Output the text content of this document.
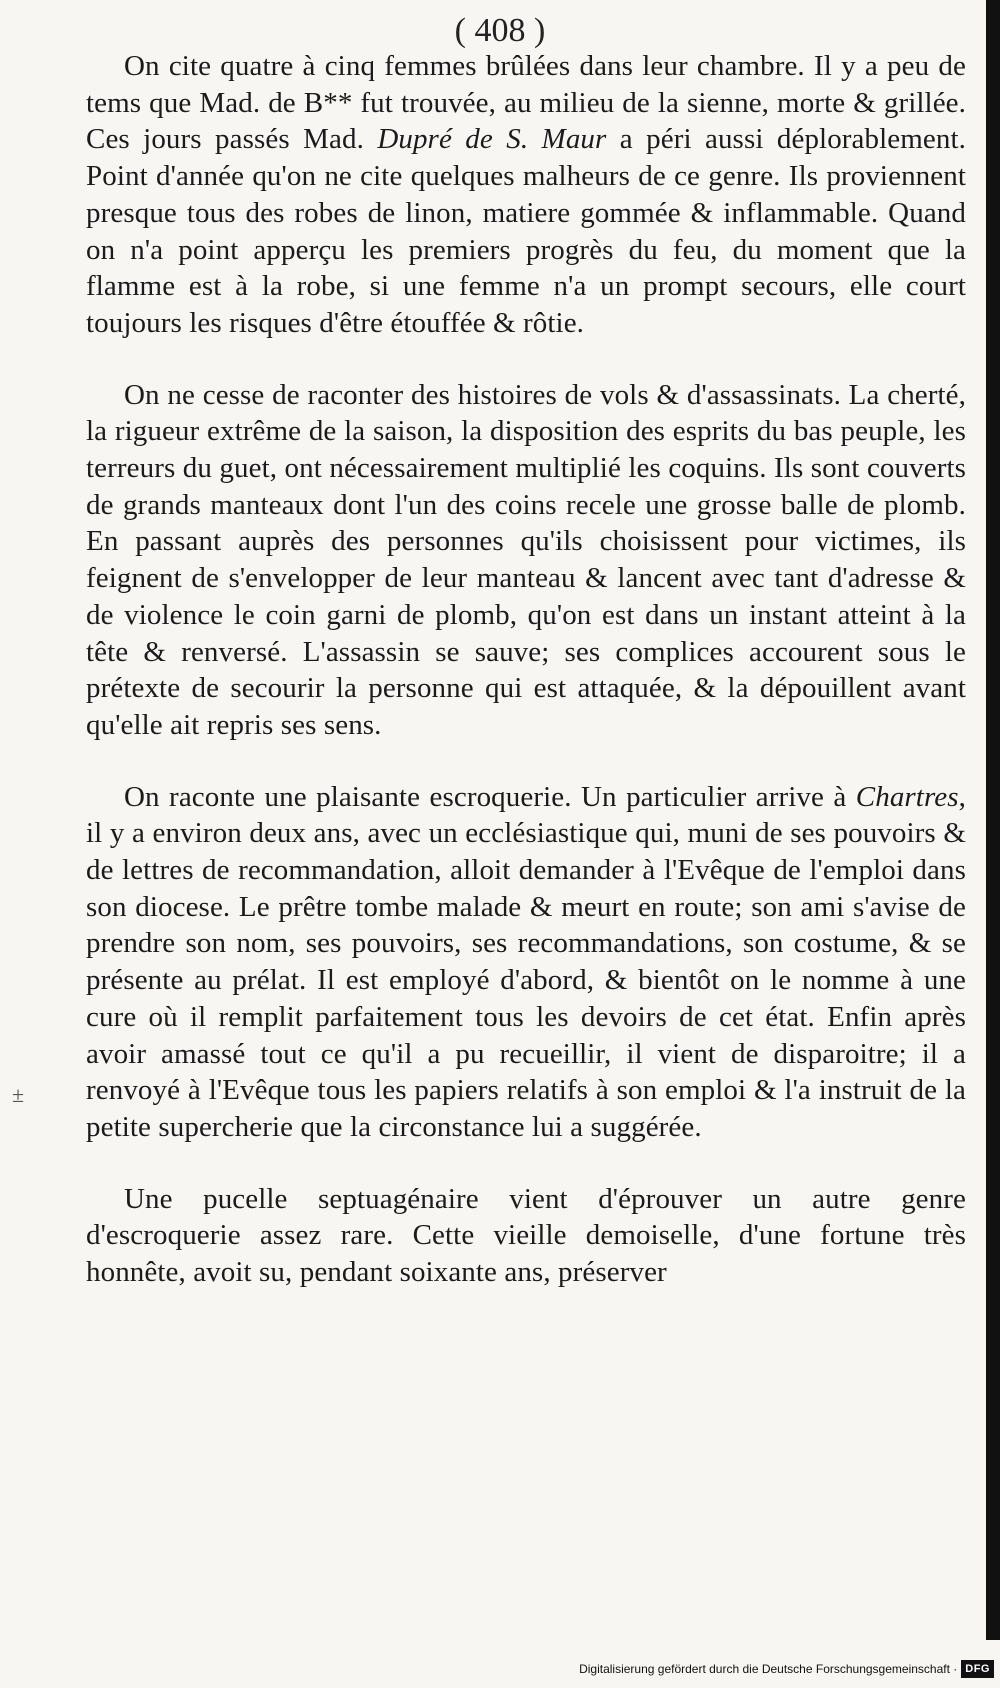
( 408 )
±

On cite quatre à cinq femmes brûlées dans leur chambre. Il y a peu de tems que Mad. de B** fut trouvée, au milieu de la sienne, morte & grillée. Ces jours passés Mad. Dupré de S. Maur a péri aussi déplorablement. Point d'année qu'on ne cite quelques malheurs de ce genre. Ils proviennent presque tous des robes de linon, matiere gommée & inflammable. Quand on n'a point apperçu les premiers progrès du feu, du moment que la flamme est à la robe, si une femme n'a un prompt secours, elle court toujours les risques d'être étouffée & rôtie.

On ne cesse de raconter des histoires de vols & d'assassinats. La cherté, la rigueur extrême de la saison, la disposition des esprits du bas peuple, les terreurs du guet, ont nécessairement multiplié les coquins. Ils sont couverts de grands manteaux dont l'un des coins recele une grosse balle de plomb. En passant auprès des personnes qu'ils choisissent pour victimes, ils feignent de s'envelopper de leur manteau & lancent avec tant d'adresse & de violence le coin garni de plomb, qu'on est dans un instant atteint à la tête & renversé. L'assassin se sauve; ses complices accourent sous le prétexte de secourir la personne qui est attaquée, & la dépouillent avant qu'elle ait repris ses sens.

On raconte une plaisante escroquerie. Un particulier arrive à Chartres, il y a environ deux ans, avec un ecclésiastique qui, muni de ses pouvoirs & de lettres de recommandation, alloit demander à l'Evêque de l'emploi dans son diocese. Le prêtre tombe malade & meurt en route; son ami s'avise de prendre son nom, ses pouvoirs, ses recommandations, son costume, & se présente au prélat. Il est employé d'abord, & bientôt on le nomme à une cure où il remplit parfaitement tous les devoirs de cet état. Enfin après avoir amassé tout ce qu'il a pu recueillir, il vient de disparoitre; il a renvoyé à l'Evêque tous les papiers relatifs à son emploi & l'a instruit de la petite supercherie que la circonstance lui a suggérée.

Une pucelle septuagénaire vient d'éprouver un autre genre d'escroquerie assez rare. Cette vieille demoiselle, d'une fortune très honnête, avoit su, pendant soixante ans, préserver

Digitalisierung gefördert durch die Deutsche Forschungsgemeinschaft · DFG
